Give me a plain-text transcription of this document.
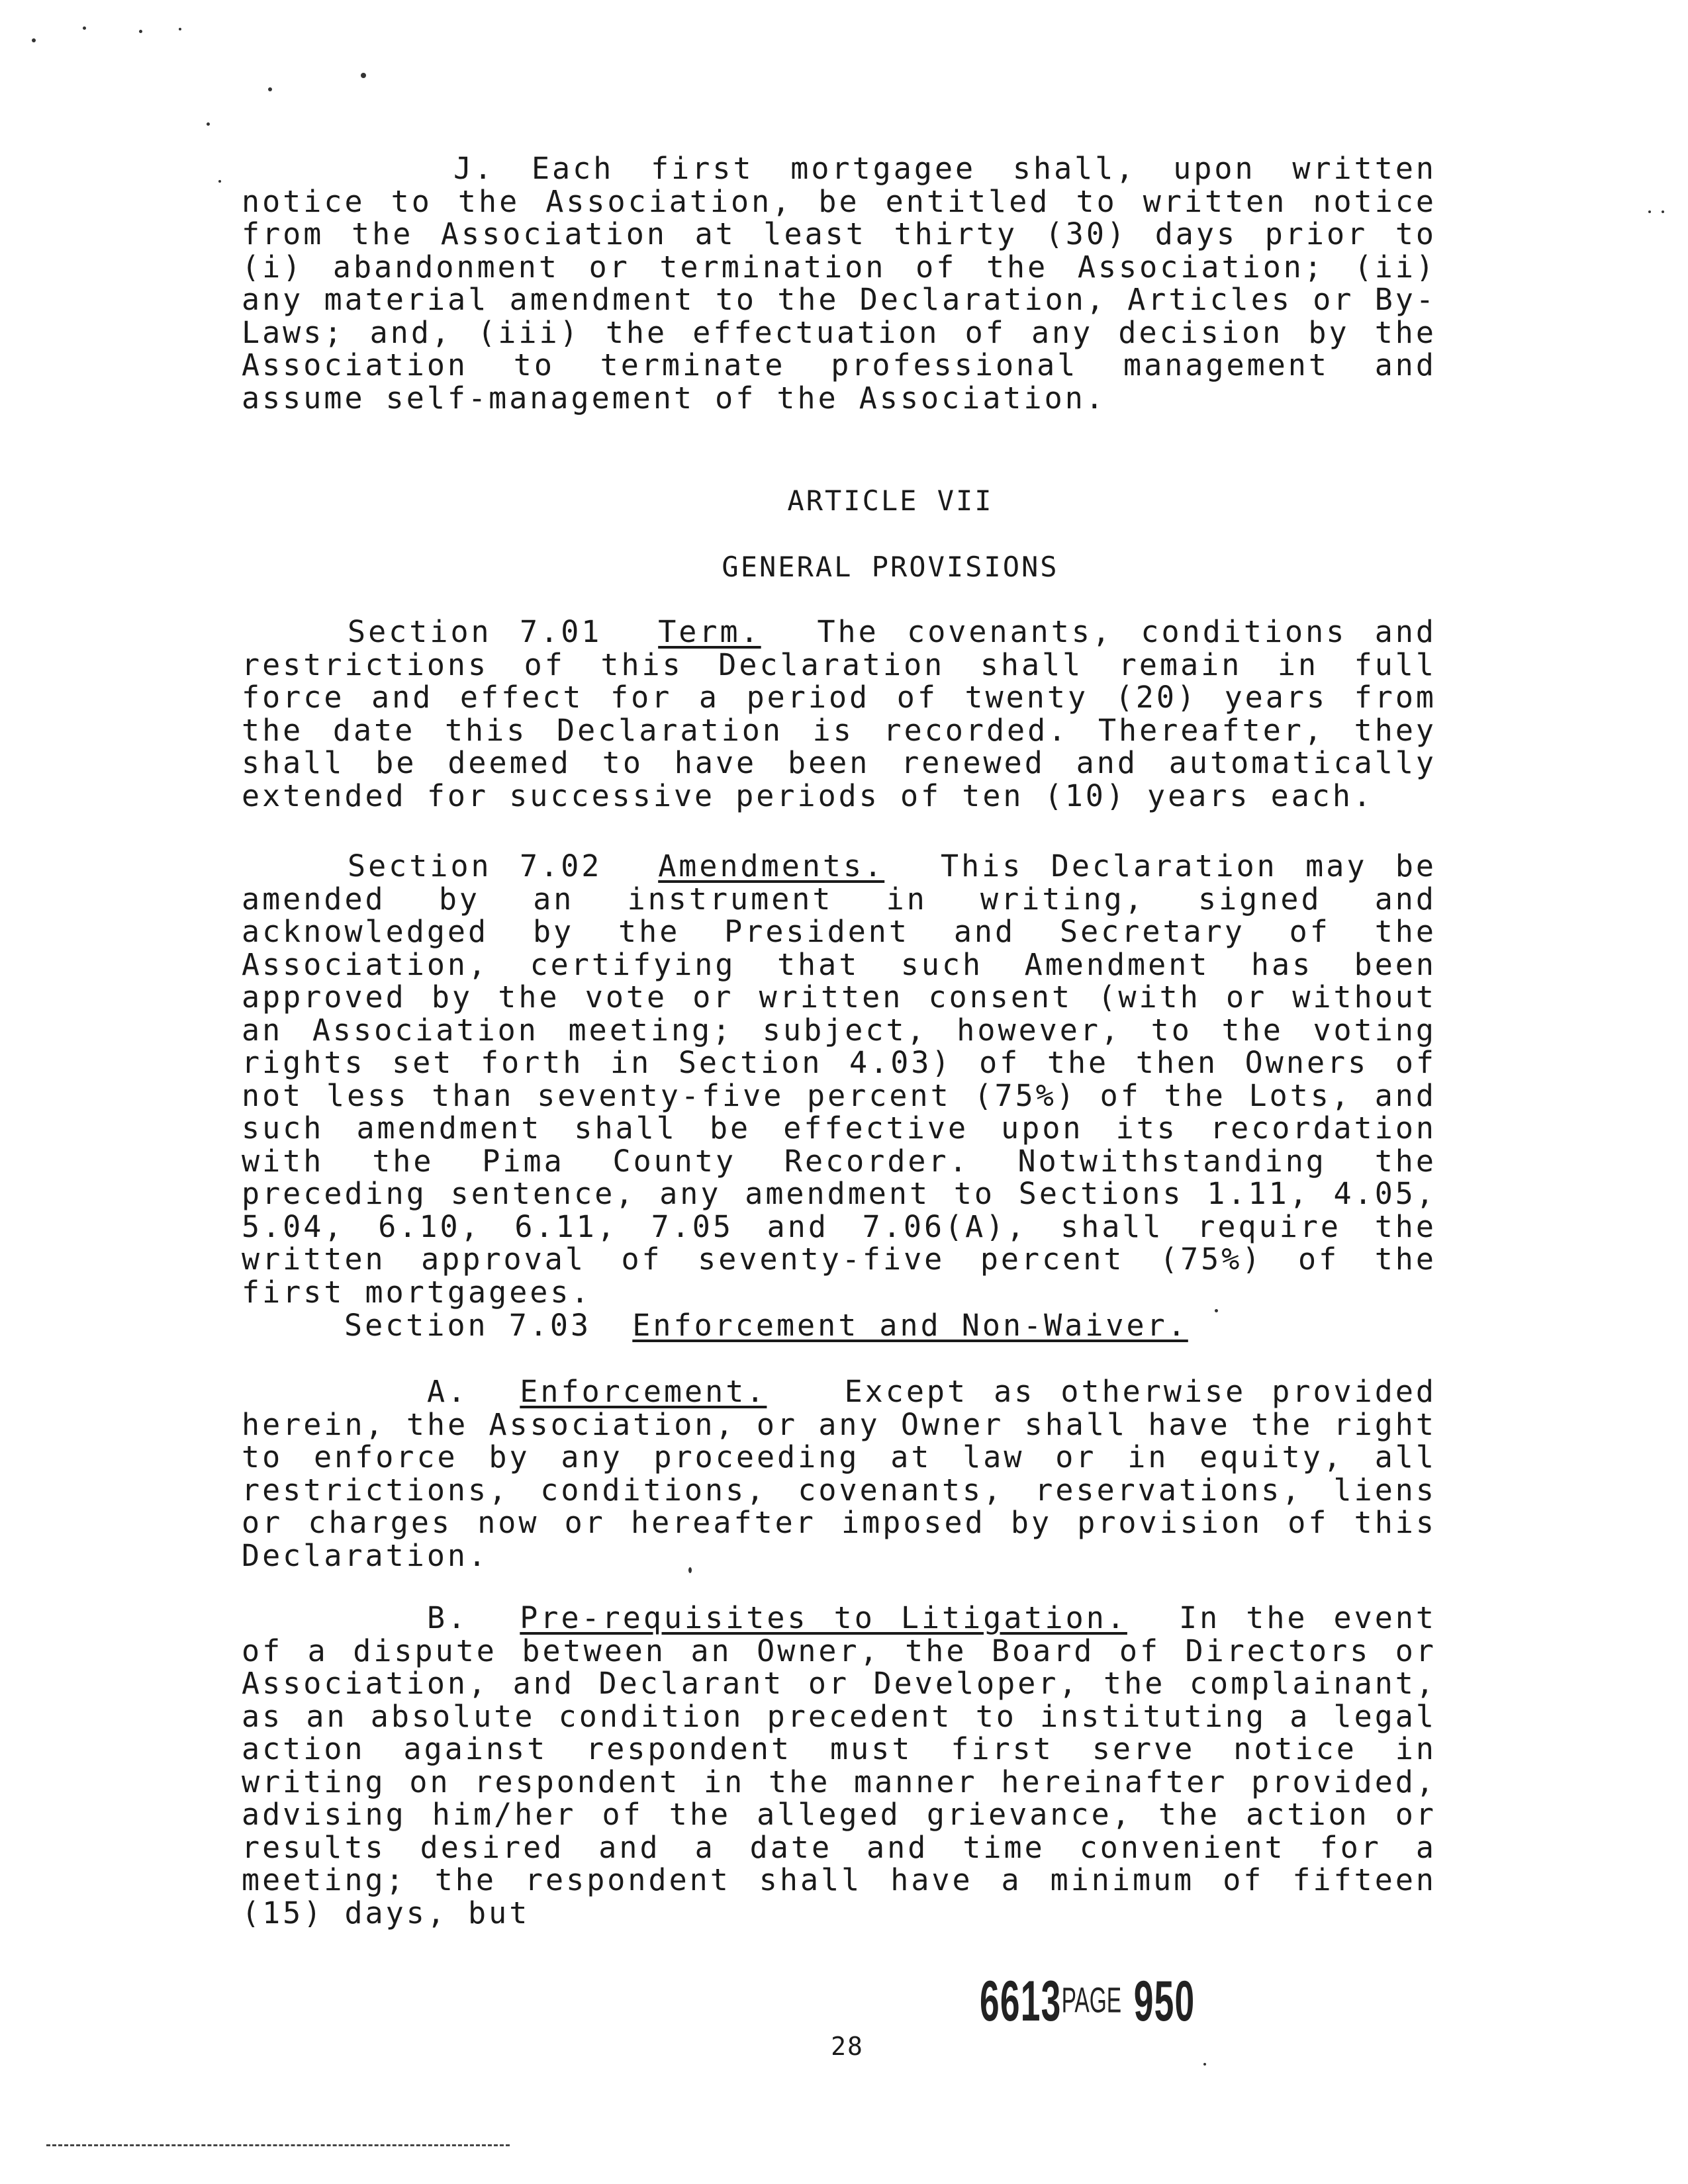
J. Each first mortgagee shall, upon written notice to the Association, be entitled to written notice from the Association at least thirty (30) days prior to (i) abandonment or termination of the Association; (ii) any material amendment to the Declaration, Articles or By-Laws; and, (iii) the effectuation of any decision by the Association to terminate professional management and assume self-management of the Association.

ARTICLE VII
GENERAL PROVISIONS

Section 7.01 Term. The covenants, conditions and restrictions of this Declaration shall remain in full force and effect for a period of twenty (20) years from the date this Declaration is recorded. Thereafter, they shall be deemed to have been renewed and automatically extended for successive periods of ten (10) years each.

Section 7.02 Amendments. This Declaration may be amended by an instrument in writing, signed and acknowledged by the President and Secretary of the Association, certifying that such Amendment has been approved by the vote or written consent (with or without an Association meeting; subject, however, to the voting rights set forth in Section 4.03) of the then Owners of not less than seventy-five percent (75%) of the Lots, and such amendment shall be effective upon its recordation with the Pima County Recorder. Notwithstanding the preceding sentence, any amendment to Sections 1.11, 4.05, 5.04, 6.10, 6.11, 7.05 and 7.06(A), shall require the written approval of seventy-five percent (75%) of the first mortgagees.

Section 7.03 Enforcement and Non-Waiver.

A. Enforcement.	Except as otherwise provided herein, the Association, or any Owner shall have the right to enforce by any proceeding at law or in equity, all restrictions, conditions, covenants, reservations, liens or charges now or hereafter imposed by provision of this Declaration.

B. Pre-requisites to Litigation. In the event of a dispute between an Owner, the Board of Directors or Association, and Declarant or Developer, the complainant, as an absolute condition precedent to instituting a legal action against respondent must first serve notice in writing on respondent in the manner hereinafter provided, advising him/her of the alleged grievance, the action or results desired and a date and time convenient for a meeting; the respondent shall have a minimum of fifteen (15) days, but

6613PAGE 950
28
